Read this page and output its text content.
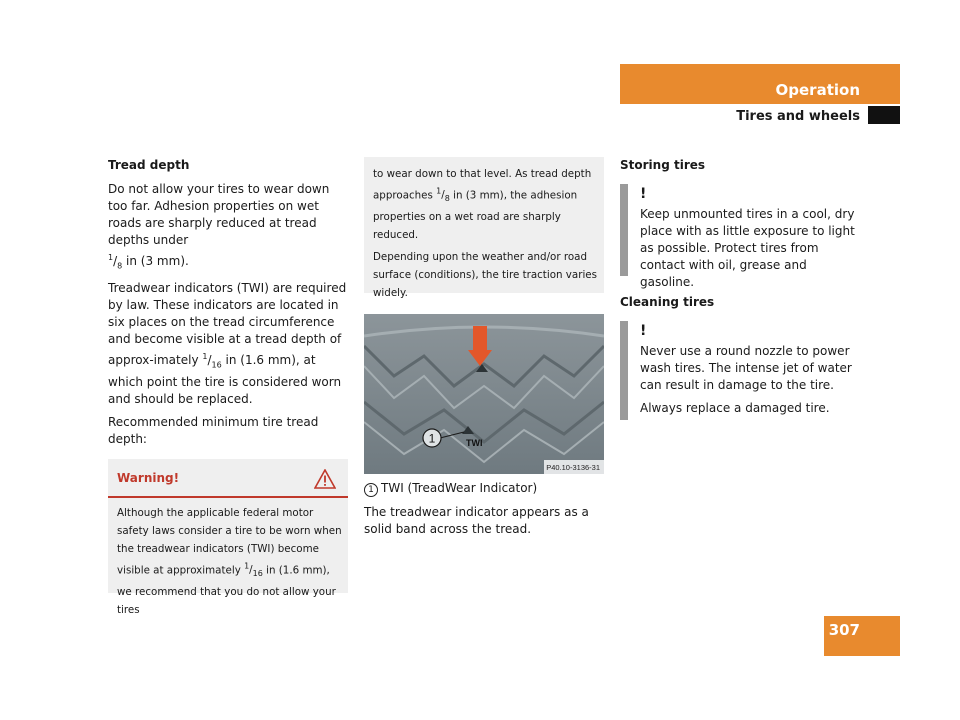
Operation
Tires and wheels
Tread depth

Do not allow your tires to wear down too far. Adhesion properties on wet roads are sharply reduced at tread depths under
$^1/_8$ in (3 mm).

Treadwear indicators (TWI) are required by law. These indicators are located in six places on the tread circumference and become visible at a tread depth of approx-imately $^1/_{16}$ in (1.6 mm), at which point the tire is considered worn and should be replaced.

Recommended minimum tire tread depth:

•
•
Warning!
Although the applicable federal motor safety laws consider a tire to be worn when the treadwear indicators (TWI) become visible at approximately $^1/_{16}$ in (1.6 mm), we recommend that you do not allow your tires

to wear down to that level. As tread depth approaches $^1/_8$ in (3 mm), the adhesion properties on a wet road are sharply reduced.

Depending upon the weather and/or road surface (conditions), the tire traction varies widely.

1	TWI
P40.10-3136-31

1 TWI (TreadWear Indicator)

The treadwear indicator appears as a solid band across the tread.

Storing tires
!

Keep unmounted tires in a cool, dry place with as little exposure to light as possible. Protect tires from contact with oil, grease and gasoline.

Cleaning tires
!

Never use a round nozzle to power wash tires. The intense jet of water can result in damage to the tire.

Always replace a damaged tire.

307
